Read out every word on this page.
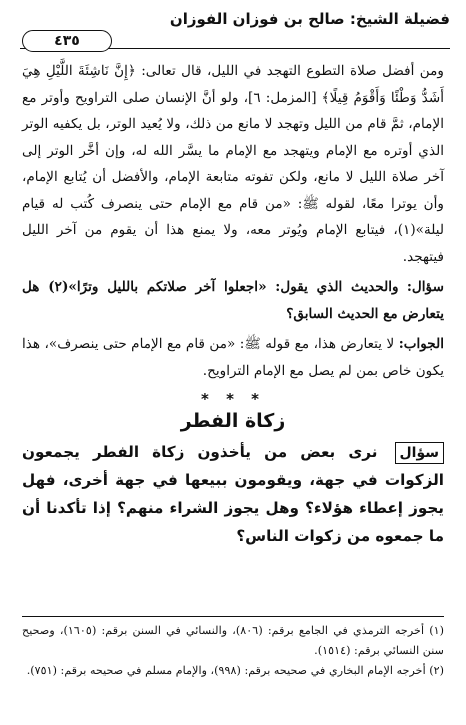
فضيلة الشيخ: صالح بن فوزان الفوزان
٤٣٥

ومن أفضل صلاة التطوع التهجد في الليل، قال تعالى: ﴿إِنَّ نَاشِئَةَ اللَّيْلِ هِيَ أَشَدُّ وَطْئًا وَأَقْوَمُ قِيلًا﴾ [المزمل: ٦]، ولو أنَّ الإنسان صلى التراويح وأوتر مع الإمام، ثمَّ قام من الليل وتهجد لا مانع من ذلك، ولا يُعيد الوتر، بل يكفيه الوتر الذي أوتره مع الإمام ويتهجد مع الإمام ما يسَّر الله له، وإن أخَّر الوتر إلى آخر صلاة الليل لا مانع، ولكن تفوته متابعة الإمام، والأفضل أن يُتابع الإمام، وأن يوترا معًا، لقوله ﷺ: «من قام مع الإمام حتى ينصرف كُتب له قيام ليلة»(١)، فيتابع الإمام ويُوتر معه، ولا يمنع هذا أن يقوم من آخر الليل فيتهجد.

سؤال: والحديث الذي يقول: «اجعلوا آخر صلاتكم بالليل وترًا»(٢) هل يتعارض مع الحديث السابق؟

الجواب: لا يتعارض هذا، مع قوله ﷺ: «من قام مع الإمام حتى ينصرف»، هذا يكون خاص بمن لم يصل مع الإمام التراويح.

* * *
زكاة الفطر

سؤال نرى بعض من يأخذون زكاة الفطر يجمعون الزكوات في جهة، ويقومون ببيعها في جهة أخرى، فهل يجوز إعطاء هؤلاء؟ وهل يجوز الشراء منهم؟ إذا تأكدنا أن ما جمعوه من زكوات الناس؟

(١) أخرجه الترمذي في الجامع برقم: (٨٠٦)، والنسائي في السنن برقم: (١٦٠٥)، وصحيح سنن النسائي برقم: (١٥١٤).

(٢) أخرجه الإمام البخاري في صحيحه برقم: (٩٩٨)، والإمام مسلم في صحيحه برقم: (٧٥١).
